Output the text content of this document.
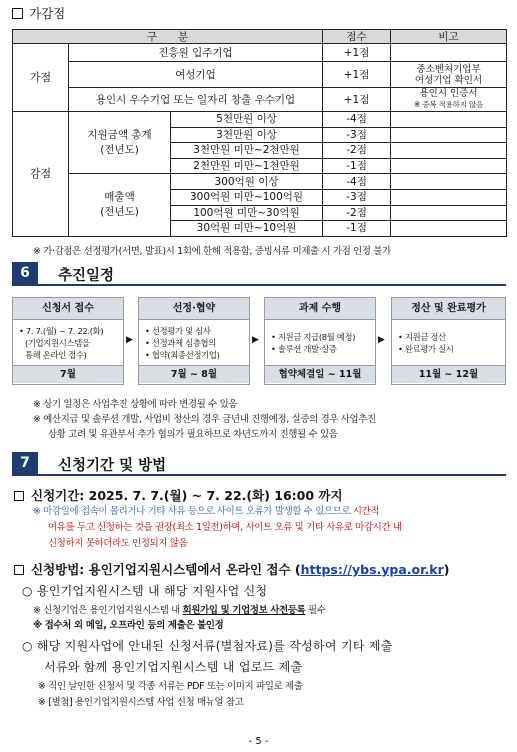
가감점
구　　분			점수	비고
가점	진흥원 입주기업		+1점	
	여성기업		+1점	중소벤처기업부
여성기업 확인서

	용인시 우수기업 또는 일자리 창출 우수기업		+1점	용인시 인증서
※ 중복 적용하지 않음

감점	지원금액 총계
(전년도)	5천만원 이상	-4점	
		3천만원 이상	-3점	
		3천만원 미만~2천만원	-2점	
		2천만원 미만~1천만원	-1점	

	매출액
(전년도)	300억원 이상	-4점	
		300억원 미만~100억원	-3점	
		100억원 미만~30억원	-2점	
		30억원 미만~10억원	-1점	
※ 가·감점은 선정평가(서면, 발표)시 1회에 한해 적용함, 증빙서류 미제출 시 가점 인정 불가
6	추진일정
신청서 접수
• 7. 7.(월) ~ 7. 22.(화)
(기업지원시스템을
통해 온라인 접수)
7월
▶
선정·협약
• 선정평가 및 심사
• 선정과제 심층협의
• 협약(최종선정기업)
7월 ~ 8월
▶
과제 수행
• 지원금 지급(8월 예정)
• 솔루션 개발·실증
협약체결일 ~ 11월
▶
정산 및 완료평가
• 지원금 정산
• 완료평가 실시
11월 ~ 12월
※ 상기 일정은 사업추진 상황에 따라 변경될 수 있음
※ 예산지급 및 솔루션 개발, 사업비 정산의 경우 금년내 진행예정, 실증의 경우 사업추진
상황 고려 및 유관부서 추가 협의가 필요하므로 차년도까지 진행될 수 있음
7	신청기간 및 방법
신청기간: 2025. 7. 7.(월) ~ 7. 22.(화) 16:00 까지
※ 마감일에 접속이 몰리거나 기타 사유 등으로 사이트 오류가 발생할 수 있으므로 시간적
여유를 두고 신청하는 것을 권장(최소 1일전)하며, 사이트 오류 및 기타 사유로 마감시간 내
신청하지 못하더라도 인정되지 않음
신청방법: 용인기업지원시스템에서 온라인 접수 (https://ybs.ypa.or.kr)
○ 용인기업지원시스템 내 해당 지원사업 신청
※ 신청기업은 용인기업지원시스템 내 회원가입 및 기업정보 사전등록 필수
※ 접수처 외 메일, 오프라인 등의 제출은 불인정
○ 해당 지원사업에 안내된 신청서류(별첨자료)를 작성하여 기타 제출
서류와 함께 용인기업지원시스템 내 업로드 제출
※ 직인 날인한 신청서 및 각종 서류는 PDF 또는 이미지 파일로 제출
※ [별첨] 용인기업지원시스템 사업 신청 매뉴얼 참고
- 5 -
